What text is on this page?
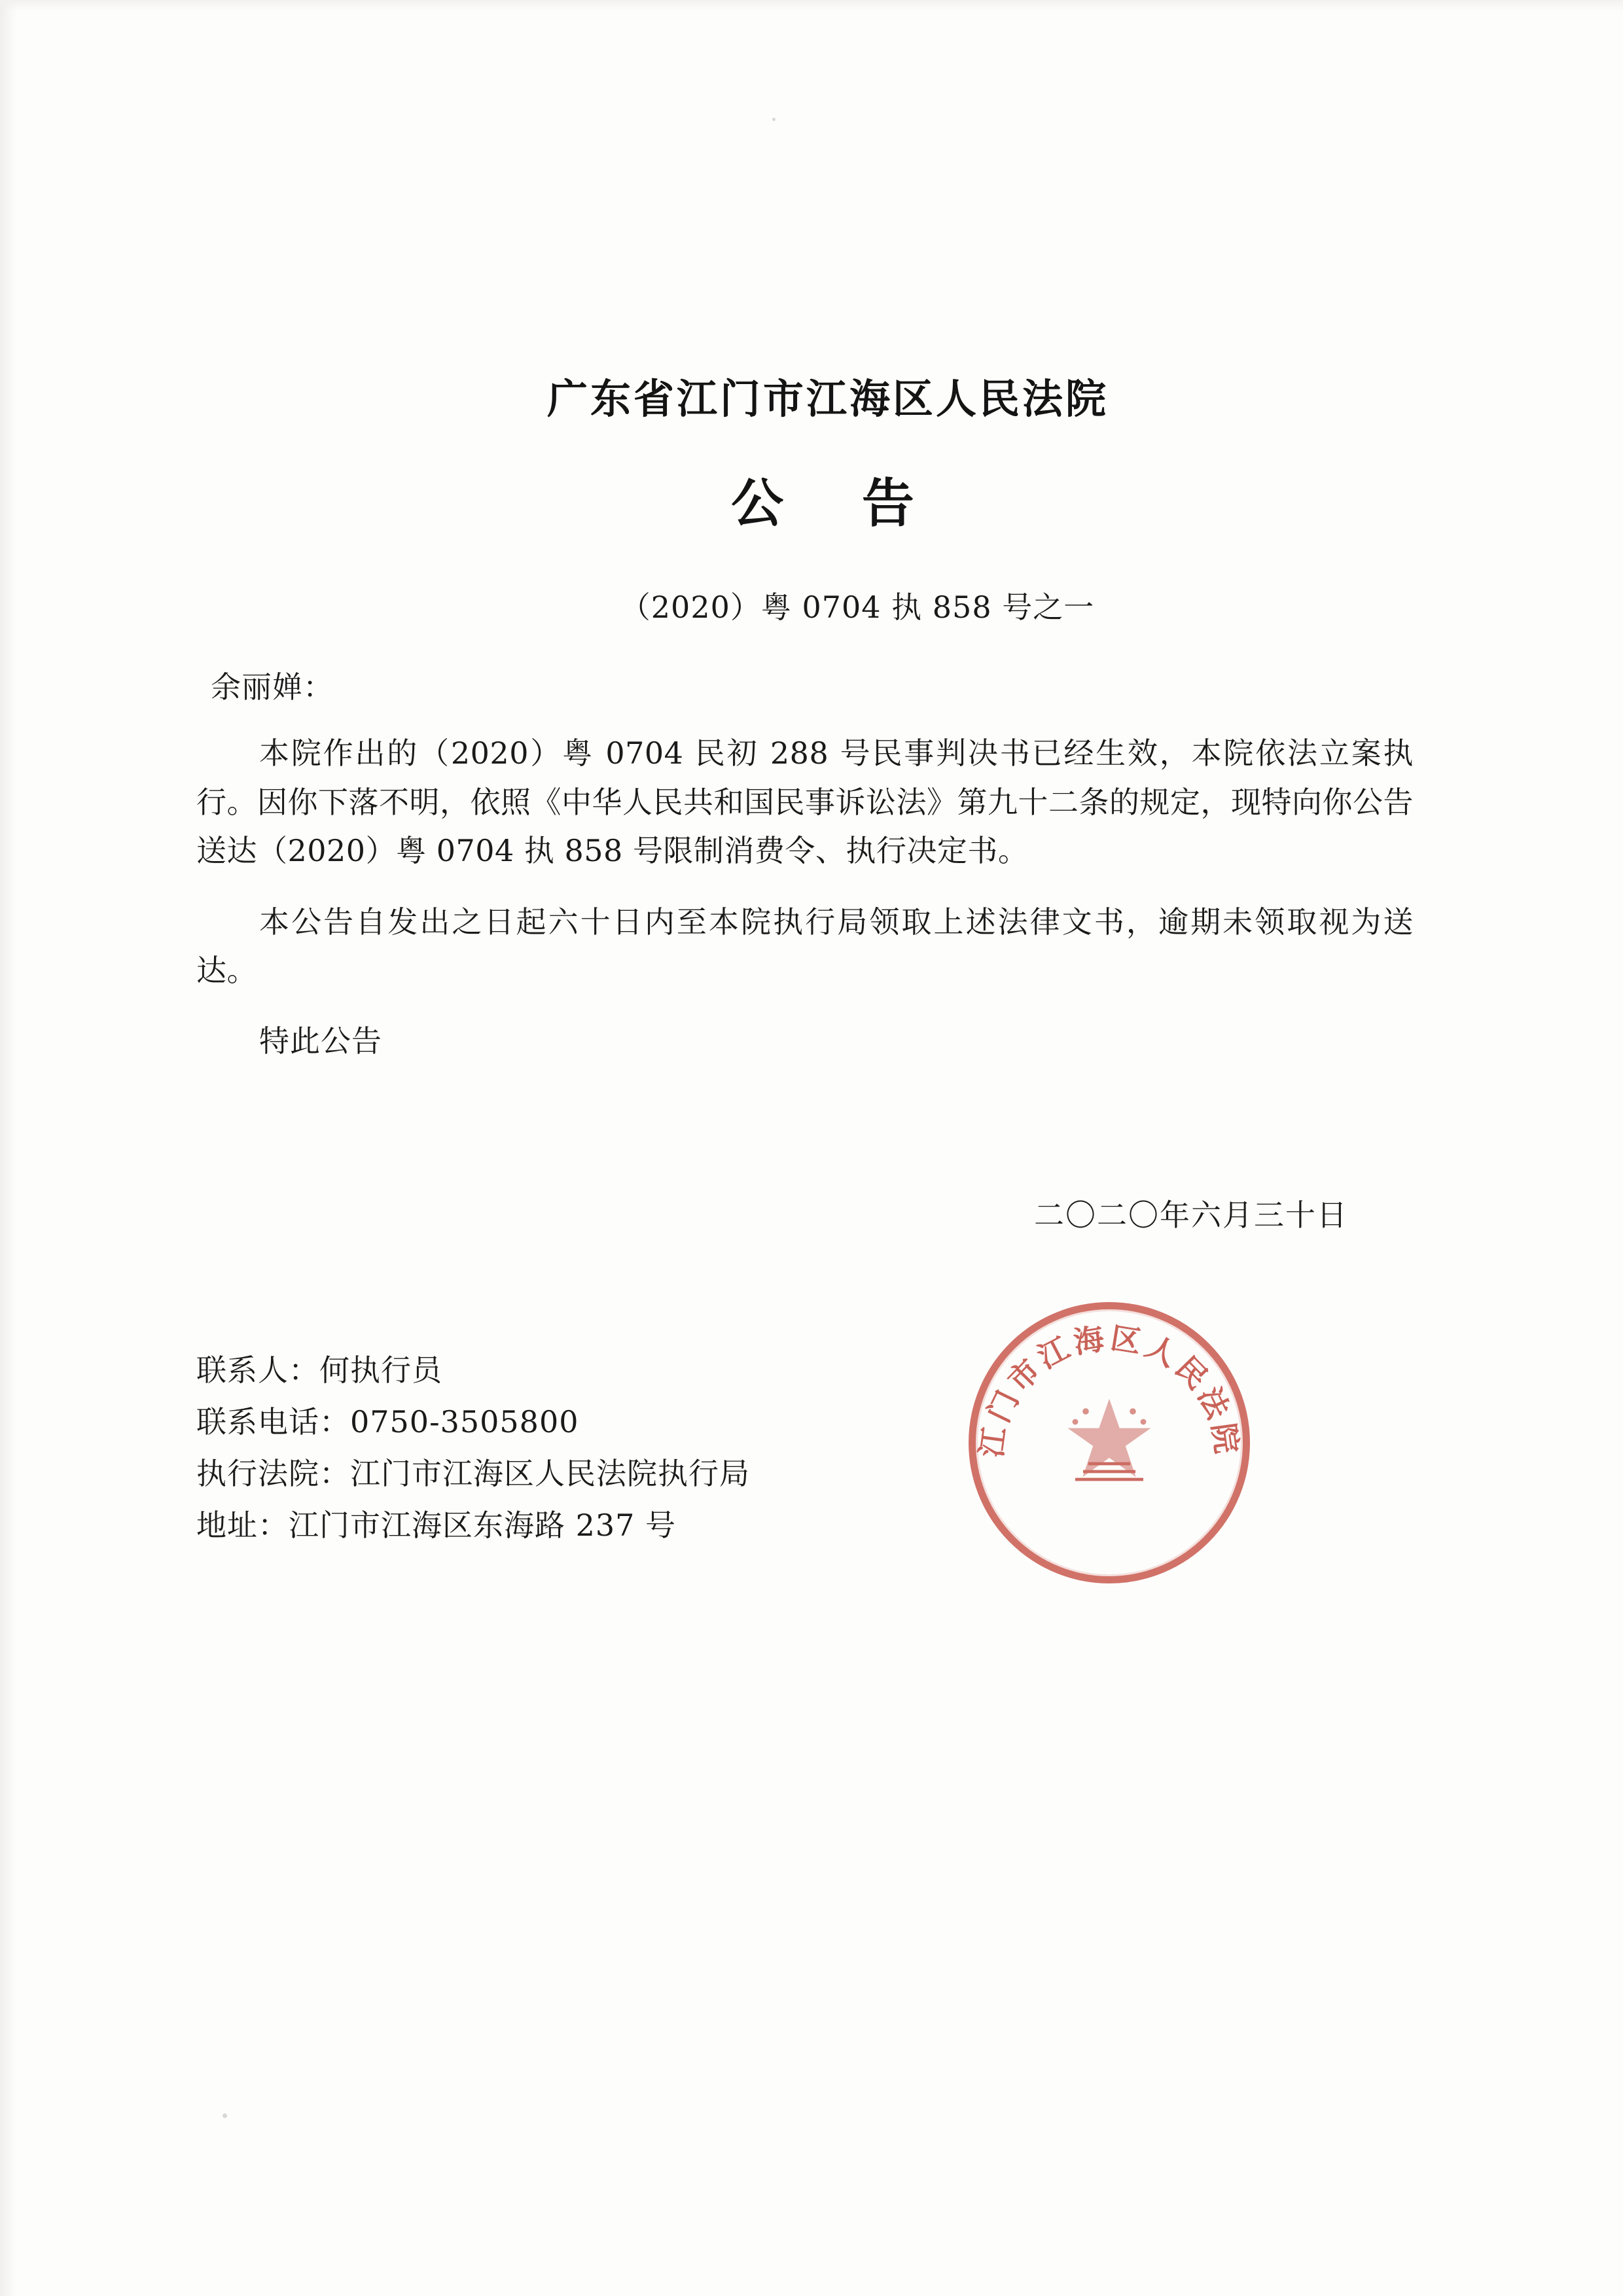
广东省江门市江海区人民法院
公 告
（2020）粤 0704 执 858 号之一
余丽婵：
本院作出的（2020）粤 0704 民初 288 号民事判决书已经生效，本院依法立案执行。因你下落不明，依照《中华人民共和国民事诉讼法》第九十二条的规定，现特向你公告送达（2020）粤 0704 执 858 号限制消费令、执行决定书。
本公告自发出之日起六十日内至本院执行局领取上述法律文书，逾期未领取视为送达。
特此公告
二〇二〇年六月三十日
联系人：何执行员
联系电话：0750-3505800
执行法院：江门市江海区人民法院执行局
地址：江门市江海区东海路 237 号
江门市江海区人民法院
